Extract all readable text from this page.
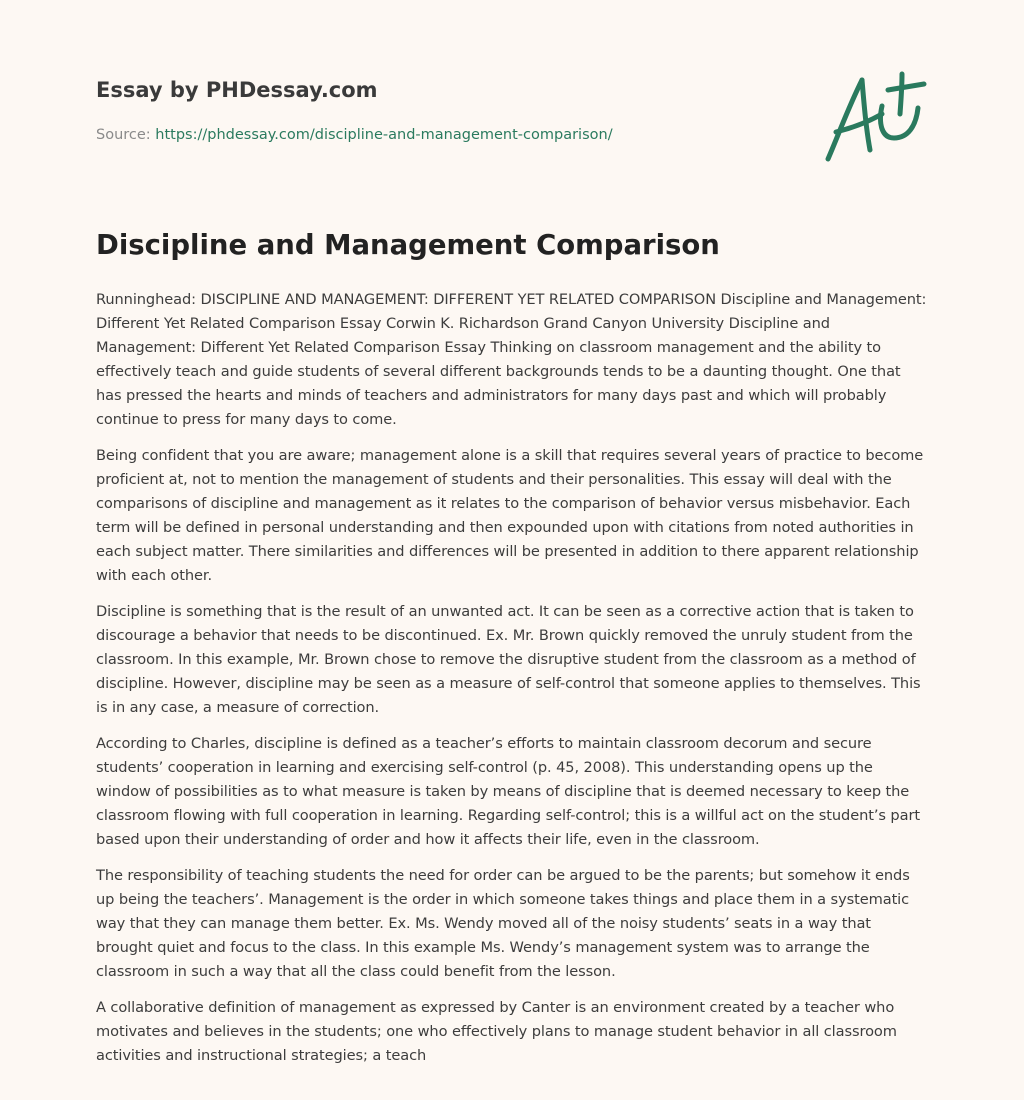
Essay by PHDessay.com
Source: https://phdessay.com/discipline-and-management-comparison/
Discipline and Management Comparison

Runninghead: DISCIPLINE AND MANAGEMENT: DIFFERENT YET RELATED COMPARISON Discipline and Management: Different Yet Related Comparison Essay Corwin K. Richardson Grand Canyon University Discipline and Management: Different Yet Related Comparison Essay Thinking on classroom management and the ability to effectively teach and guide students of several different backgrounds tends to be a daunting thought. One that has pressed the hearts and minds of teachers and administrators for many days past and which will probably continue to press for many days to come.

Being confident that you are aware; management alone is a skill that requires several years of practice to become proficient at, not to mention the management of students and their personalities. This essay will deal with the comparisons of discipline and management as it relates to the comparison of behavior versus misbehavior. Each term will be defined in personal understanding and then expounded upon with citations from noted authorities in each subject matter. There similarities and differences will be presented in addition to there apparent relationship with each other.

Discipline is something that is the result of an unwanted act. It can be seen as a corrective action that is taken to discourage a behavior that needs to be discontinued. Ex. Mr. Brown quickly removed the unruly student from the classroom. In this example, Mr. Brown chose to remove the disruptive student from the classroom as a method of discipline. However, discipline may be seen as a measure of self-control that someone applies to themselves. This is in any case, a measure of correction.

According to Charles, discipline is defined as a teacher’s efforts to maintain classroom decorum and secure students’ cooperation in learning and exercising self-control (p. 45, 2008). This understanding opens up the window of possibilities as to what measure is taken by means of discipline that is deemed necessary to keep the classroom flowing with full cooperation in learning. Regarding self-control; this is a willful act on the student’s part based upon their understanding of order and how it affects their life, even in the classroom.

The responsibility of teaching students the need for order can be argued to be the parents; but somehow it ends up being the teachers’. Management is the order in which someone takes things and place them in a systematic way that they can manage them better. Ex. Ms. Wendy moved all of the noisy students’ seats in a way that brought quiet and focus to the class. In this example Ms. Wendy’s management system was to arrange the classroom in such a way that all the class could benefit from the lesson.

A collaborative definition of management as expressed by Canter is an environment created by a teacher who motivates and believes in the students; one who effectively plans to manage student behavior in all classroom activities and instructional strategies; a teach
